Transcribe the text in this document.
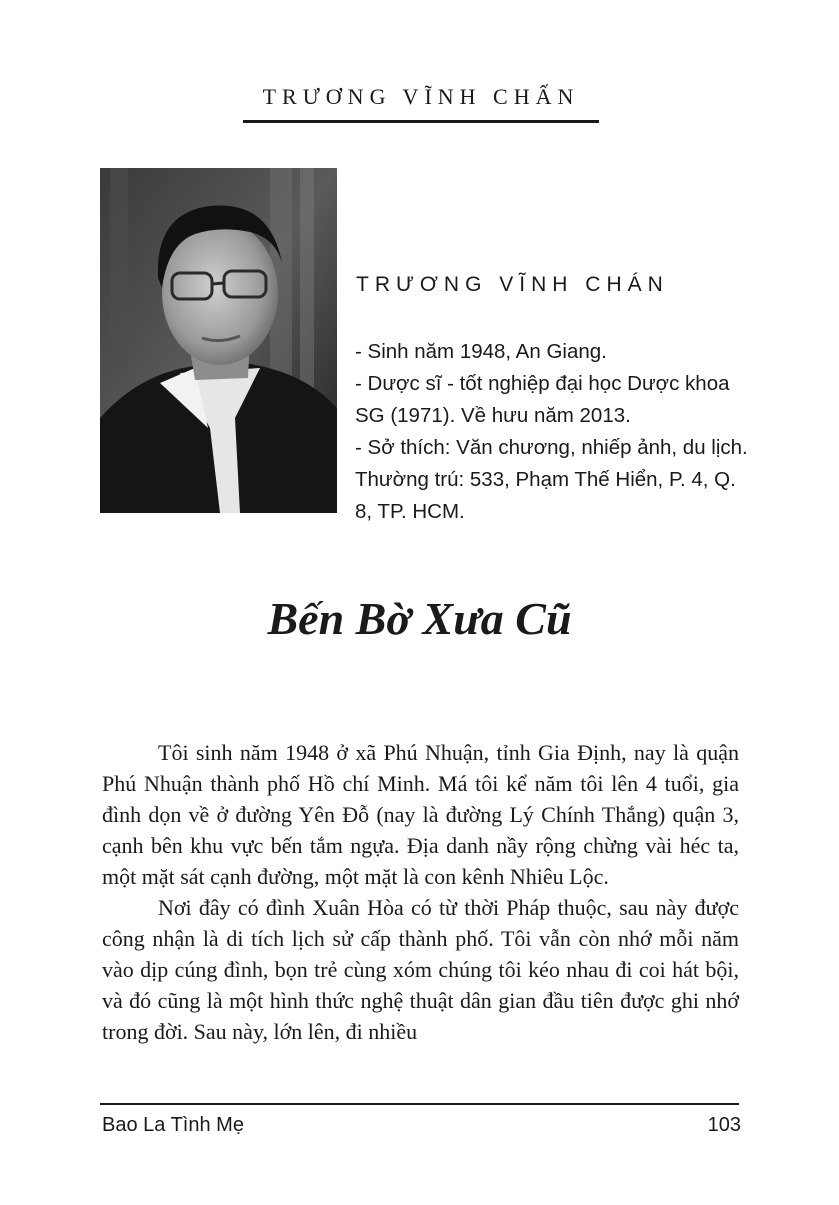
TRƯƠNG VĨNH CHẤN
TRƯƠNG VĨNH CHÁN

- Sinh năm 1948, An Giang.

- Dược sĩ - tốt nghiệp đại học Dược khoa SG (1971). Về hưu năm 2013.

- Sở thích: Văn chương, nhiếp ảnh, du lịch. Thường trú: 533, Phạm Thế Hiển, P. 4, Q. 8, TP. HCM.

Bến Bờ Xưa Cũ

Tôi sinh năm 1948 ở xã Phú Nhuận, tỉnh Gia Định, nay là quận Phú Nhuận thành phố Hồ chí Minh. Má tôi kể năm tôi lên 4 tuổi, gia đình dọn về ở đường Yên Đỗ (nay là đường Lý Chính Thắng) quận 3, cạnh bên khu vực bến tắm ngựa. Địa danh nầy rộng chừng vài héc ta, một mặt sát cạnh đường, một mặt là con kênh Nhiêu Lộc.

Nơi đây có đình Xuân Hòa có từ thời Pháp thuộc, sau này được công nhận là di tích lịch sử cấp thành phố. Tôi vẫn còn nhớ mỗi năm vào dịp cúng đình, bọn trẻ cùng xóm chúng tôi kéo nhau đi coi hát bội, và đó cũng là một hình thức nghệ thuật dân gian đầu tiên được ghi nhớ trong đời. Sau này, lớn lên, đi nhiều

Bao La Tình Mẹ	103
